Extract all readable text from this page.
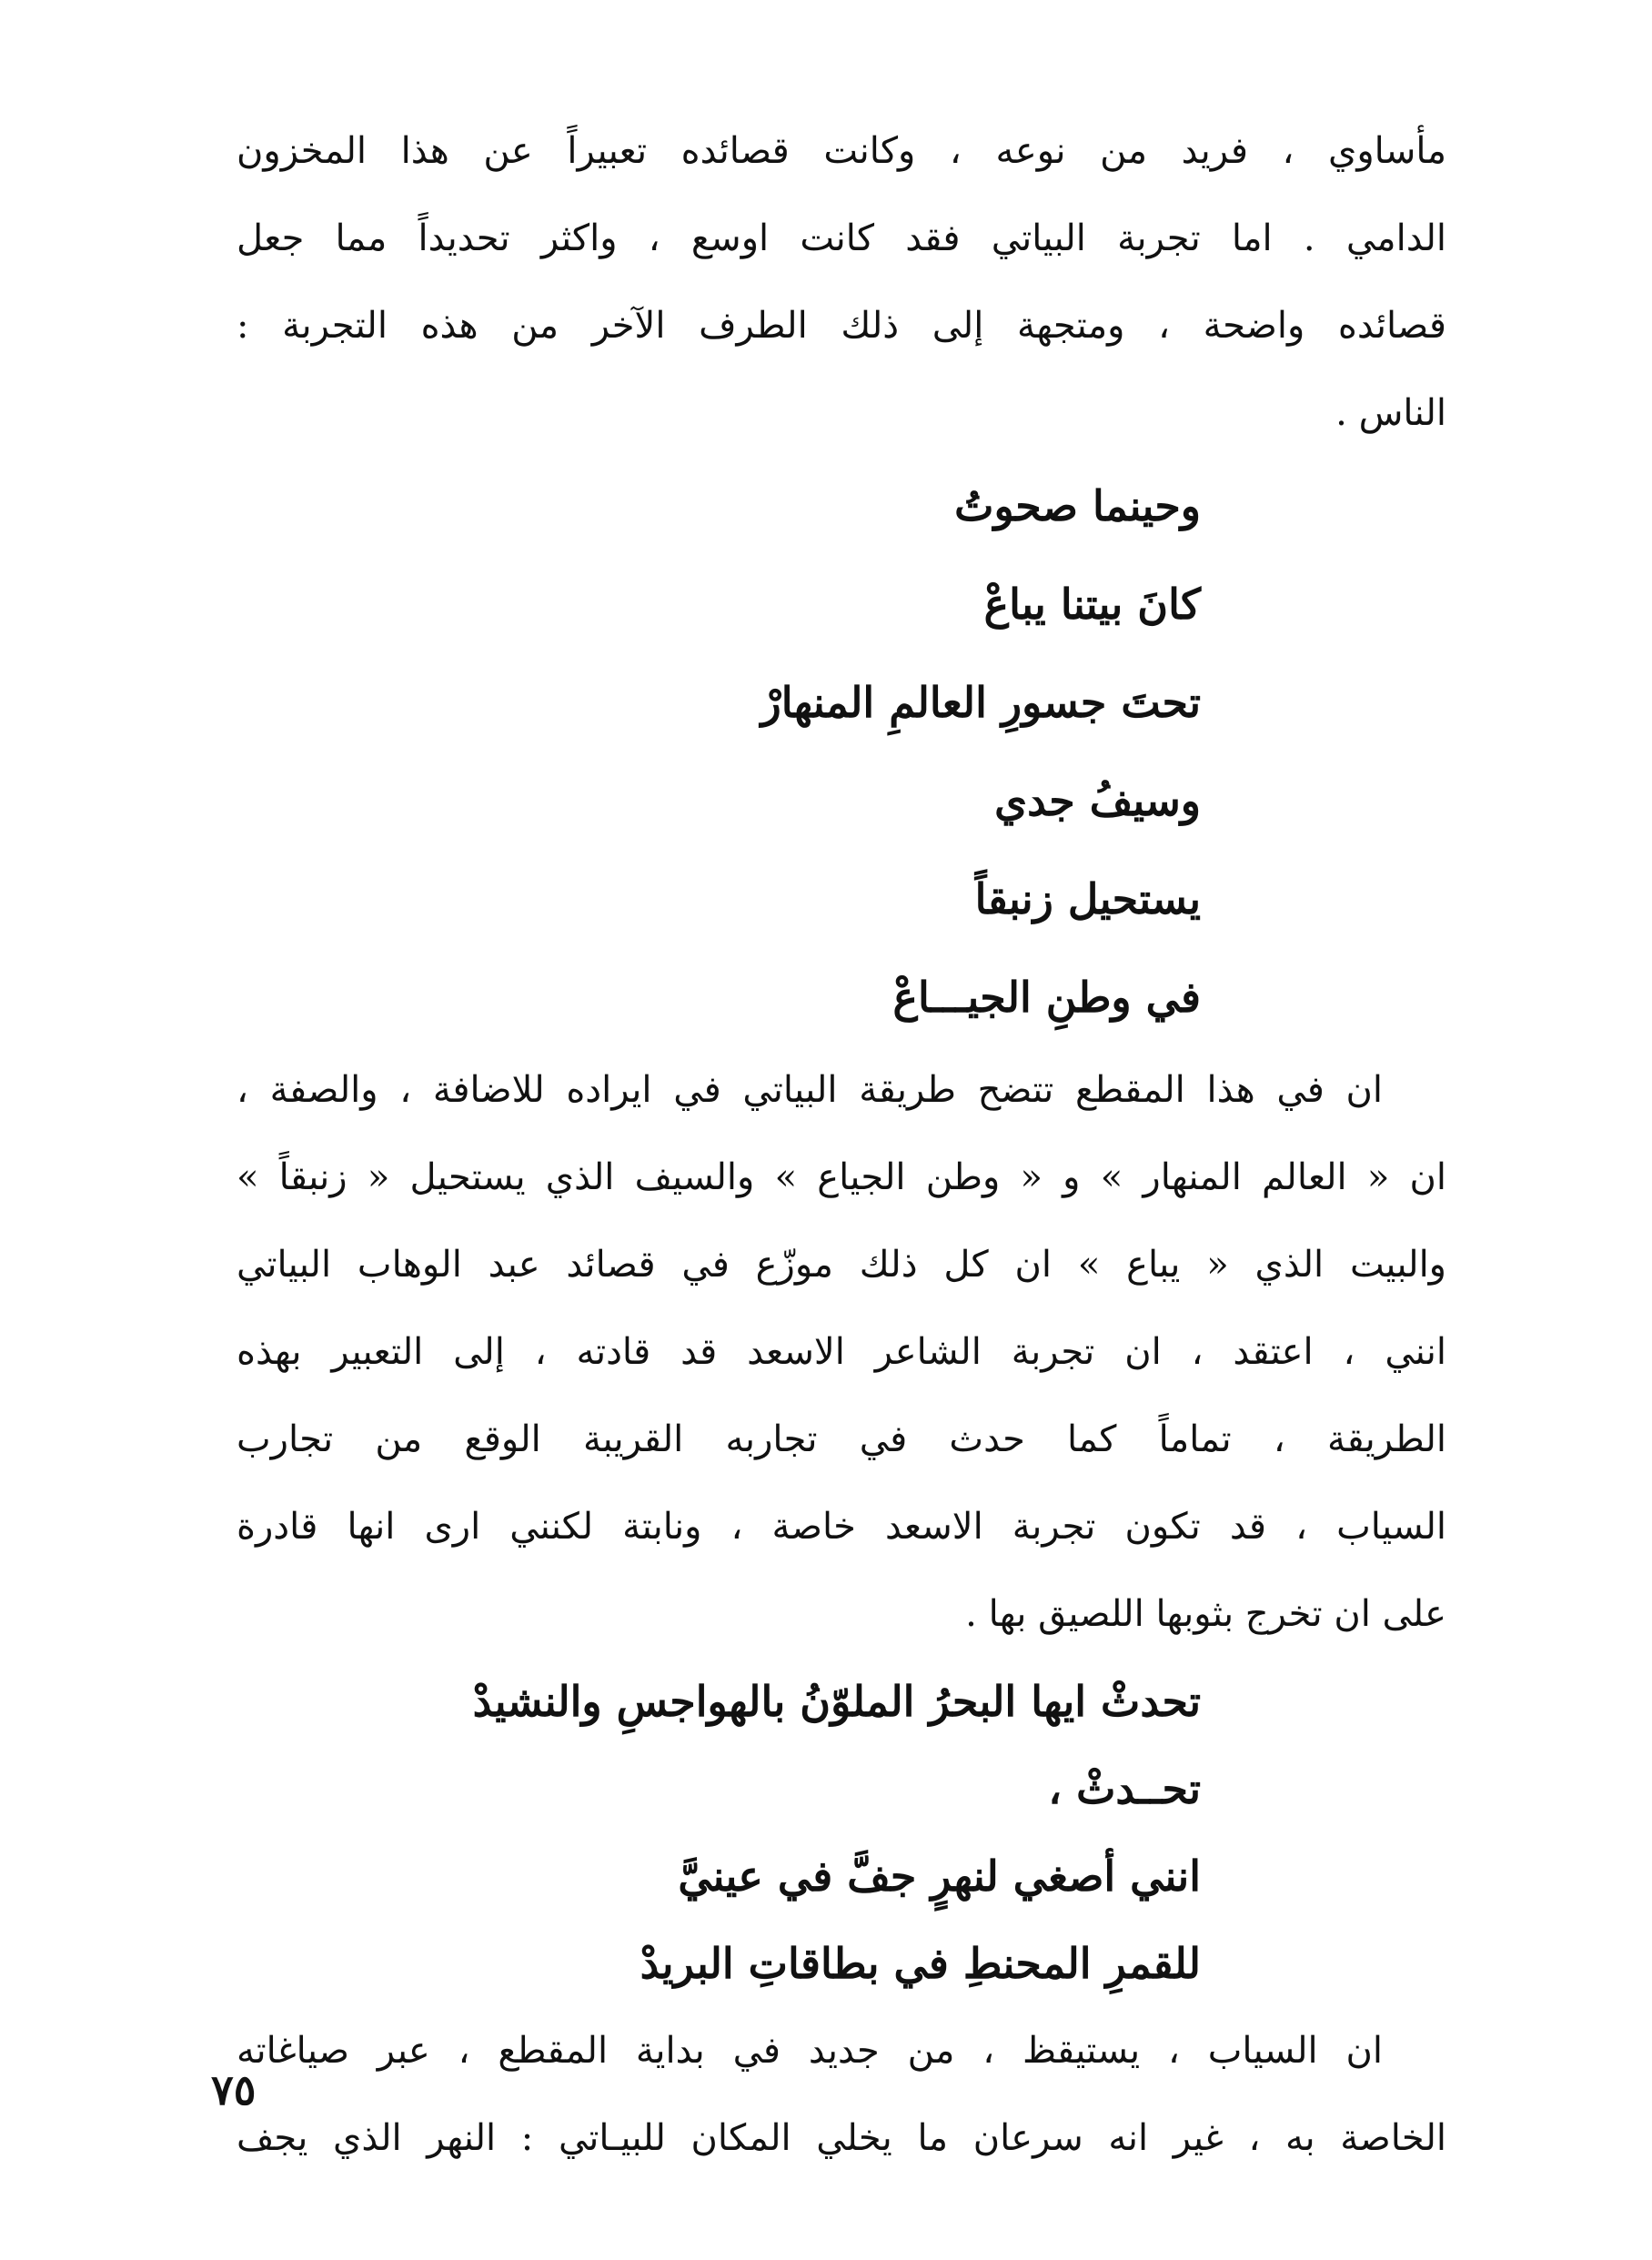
مأساوي ، فريد من نوعه ، وكانت قصائده تعبيراً عن هذا المخزون
الدامي . اما تجربة البياتي فقد كانت اوسع ، واكثر تحديداً مما جعل
قصائده واضحة ، ومتجهة إلى ذلك الطرف الآخر من هذه التجربة :
الناس .
وحينما صحوتُ
كانَ بيتنا يباعْ
تحتَ جسورِ العالمِ المنهارْ
وسيفُ جدي
يستحيل زنبقاً
في وطنِ الجيـــاعْ
ان في هذا المقطع تتضح طريقة البياتي في ايراده للاضافة ، والصفة ،
ان « العالم المنهار » و « وطن الجياع » والسيف الذي يستحيل « زنبقاً »
والبيت الذي « يباع » ان كل ذلك موزّع في قصائد عبد الوهاب البياتي
انني ، اعتقد ، ان تجربة الشاعر الاسعد قد قادته ، إلى التعبير بهذه
الطريقة ، تماماً كما حدث في تجاربه القريبة الوقع من تجارب
السياب ، قد تكون تجربة الاسعد خاصة ، ونابتة لكنني ارى انها قادرة
على ان تخرج بثوبها اللصيق بها .
تحدثْ ايها البحرُ الملوّنُ بالهواجسِ والنشيدْ
تحــدثْ ،
انني أصغي لنهرٍ جفَّ في عينيَّ
للقمرِ المحنطِ في بطاقاتِ البريدْ
ان السياب ، يستيقظ ، من جديد في بداية المقطع ، عبر صياغاته
الخاصة به ، غير انه سرعان ما يخلي المكان للبيـاتي : النهر الذي يجف
٧٥
